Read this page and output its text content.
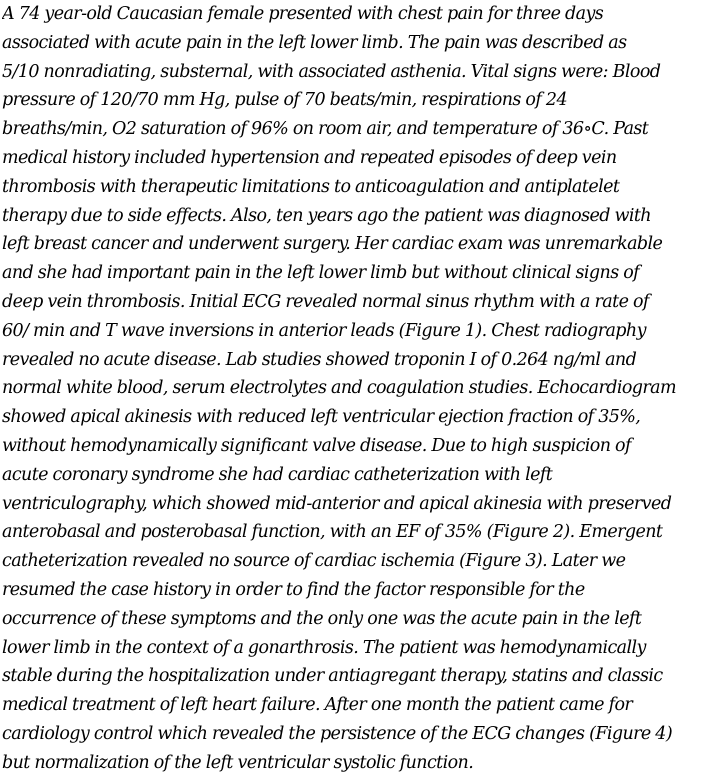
A 74 year-old Caucasian female presented with chest pain for three days
associated with acute pain in the left lower limb. The pain was described as
5/10 nonradiating, substernal, with associated asthenia. Vital signs were: Blood
pressure of 120/70 mm Hg, pulse of 70 beats/min, respirations of 24
breaths/min, O2 saturation of 96% on room air, and temperature of 36∘C. Past
medical history included hypertension and repeated episodes of deep vein
thrombosis with therapeutic limitations to anticoagulation and antiplatelet
therapy due to side effects. Also, ten years ago the patient was diagnosed with
left breast cancer and underwent surgery. Her cardiac exam was unremarkable
and she had important pain in the left lower limb but without clinical signs of
deep vein thrombosis. Initial ECG revealed normal sinus rhythm with a rate of
60/ min and T wave inversions in anterior leads (Figure 1). Chest radiography
revealed no acute disease. Lab studies showed troponin I of 0.264 ng/ml and
normal white blood, serum electrolytes and coagulation studies. Echocardiogram
showed apical akinesis with reduced left ventricular ejection fraction of 35%,
without hemodynamically significant valve disease. Due to high suspicion of
acute coronary syndrome she had cardiac catheterization with left
ventriculography, which showed mid-anterior and apical akinesia with preserved
anterobasal and posterobasal function, with an EF of 35% (Figure 2). Emergent
catheterization revealed no source of cardiac ischemia (Figure 3). Later we
resumed the case history in order to find the factor responsible for the
occurrence of these symptoms and the only one was the acute pain in the left
lower limb in the context of a gonarthrosis. The patient was hemodynamically
stable during the hospitalization under antiagregant therapy, statins and classic
medical treatment of left heart failure. After one month the patient came for
cardiology control which revealed the persistence of the ECG changes (Figure 4)
but normalization of the left ventricular systolic function.
